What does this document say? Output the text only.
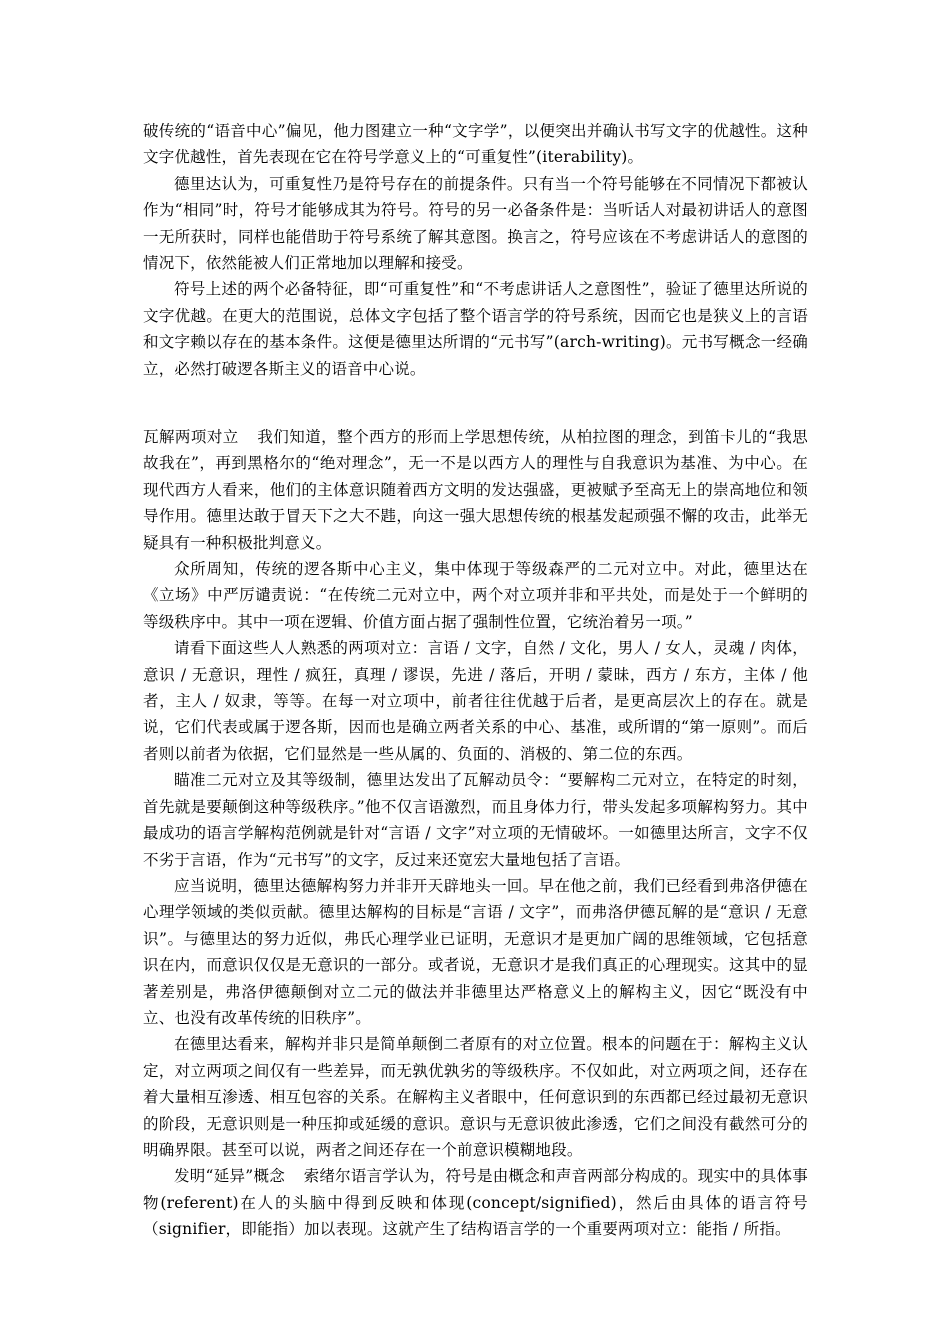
破传统的“语音中心”偏见，他力图建立一种“文字学”，以便突出并确认书写文字的优越性。这种文字优越性，首先表现在它在符号学意义上的“可重复性”(iterability)。

德里达认为，可重复性乃是符号存在的前提条件。只有当一个符号能够在不同情况下都被认作为“相同”时，符号才能够成其为符号。符号的另一必备条件是：当听话人对最初讲话人的意图一无所获时，同样也能借助于符号系统了解其意图。换言之，符号应该在不考虑讲话人的意图的情况下，依然能被人们正常地加以理解和接受。

符号上述的两个必备特征，即“可重复性”和“不考虑讲话人之意图性”，验证了德里达所说的文字优越。在更大的范围说，总体文字包括了整个语言学的符号系统，因而它也是狭义上的言语和文字赖以存在的基本条件。这便是德里达所谓的“元书写”(arch-writing)。元书写概念一经确立，必然打破逻各斯主义的语音中心说。

瓦解两项对立 我们知道，整个西方的形而上学思想传统，从柏拉图的理念，到笛卡儿的“我思故我在”，再到黑格尔的“绝对理念”，无一不是以西方人的理性与自我意识为基准、为中心。在现代西方人看来，他们的主体意识随着西方文明的发达强盛，更被赋予至高无上的崇高地位和领导作用。德里达敢于冒天下之大不韪，向这一强大思想传统的根基发起顽强不懈的攻击，此举无疑具有一种积极批判意义。

众所周知，传统的逻各斯中心主义，集中体现于等级森严的二元对立中。对此，德里达在《立场》中严厉谴责说：“在传统二元对立中，两个对立项并非和平共处，而是处于一个鲜明的等级秩序中。其中一项在逻辑、价值方面占据了强制性位置，它统治着另一项。”

请看下面这些人人熟悉的两项对立：言语 / 文字，自然 / 文化，男人 / 女人，灵魂 / 肉体，意识 / 无意识，理性 / 疯狂，真理 / 谬误，先进 / 落后，开明 / 蒙昧，西方 / 东方，主体 / 他者，主人 / 奴隶，等等。在每一对立项中，前者往往优越于后者，是更高层次上的存在。就是说，它们代表或属于逻各斯，因而也是确立两者关系的中心、基准，或所谓的“第一原则”。而后者则以前者为依据，它们显然是一些从属的、负面的、消极的、第二位的东西。

瞄准二元对立及其等级制，德里达发出了瓦解动员令：“要解构二元对立，在特定的时刻，首先就是要颠倒这种等级秩序。”他不仅言语激烈，而且身体力行，带头发起多项解构努力。其中最成功的语言学解构范例就是针对“言语 / 文字”对立项的无情破坏。一如德里达所言，文字不仅不劣于言语，作为“元书写”的文字，反过来还宽宏大量地包括了言语。

应当说明，德里达德解构努力并非开天辟地头一回。早在他之前，我们已经看到弗洛伊德在心理学领域的类似贡献。德里达解构的目标是“言语 / 文字”，而弗洛伊德瓦解的是“意识 / 无意识”。与德里达的努力近似，弗氏心理学业已证明，无意识才是更加广阔的思维领域，它包括意识在内，而意识仅仅是无意识的一部分。或者说，无意识才是我们真正的心理现实。这其中的显著差别是，弗洛伊德颠倒对立二元的做法并非德里达严格意义上的解构主义，因它“既没有中立、也没有改革传统的旧秩序”。

在德里达看来，解构并非只是简单颠倒二者原有的对立位置。根本的问题在于：解构主义认定，对立两项之间仅有一些差异，而无孰优孰劣的等级秩序。不仅如此，对立两项之间，还存在着大量相互渗透、相互包容的关系。在解构主义者眼中，任何意识到的东西都已经过最初无意识的阶段，无意识则是一种压抑或延缓的意识。意识与无意识彼此渗透，它们之间没有截然可分的明确界限。甚至可以说，两者之间还存在一个前意识模糊地段。

发明“延异”概念 索绪尔语言学认为，符号是由概念和声音两部分构成的。现实中的具体事物(referent)在人的头脑中得到反映和体现(concept/signified)，然后由具体的语言符号（signifier，即能指）加以表现。这就产生了结构语言学的一个重要两项对立：能指 / 所指。
